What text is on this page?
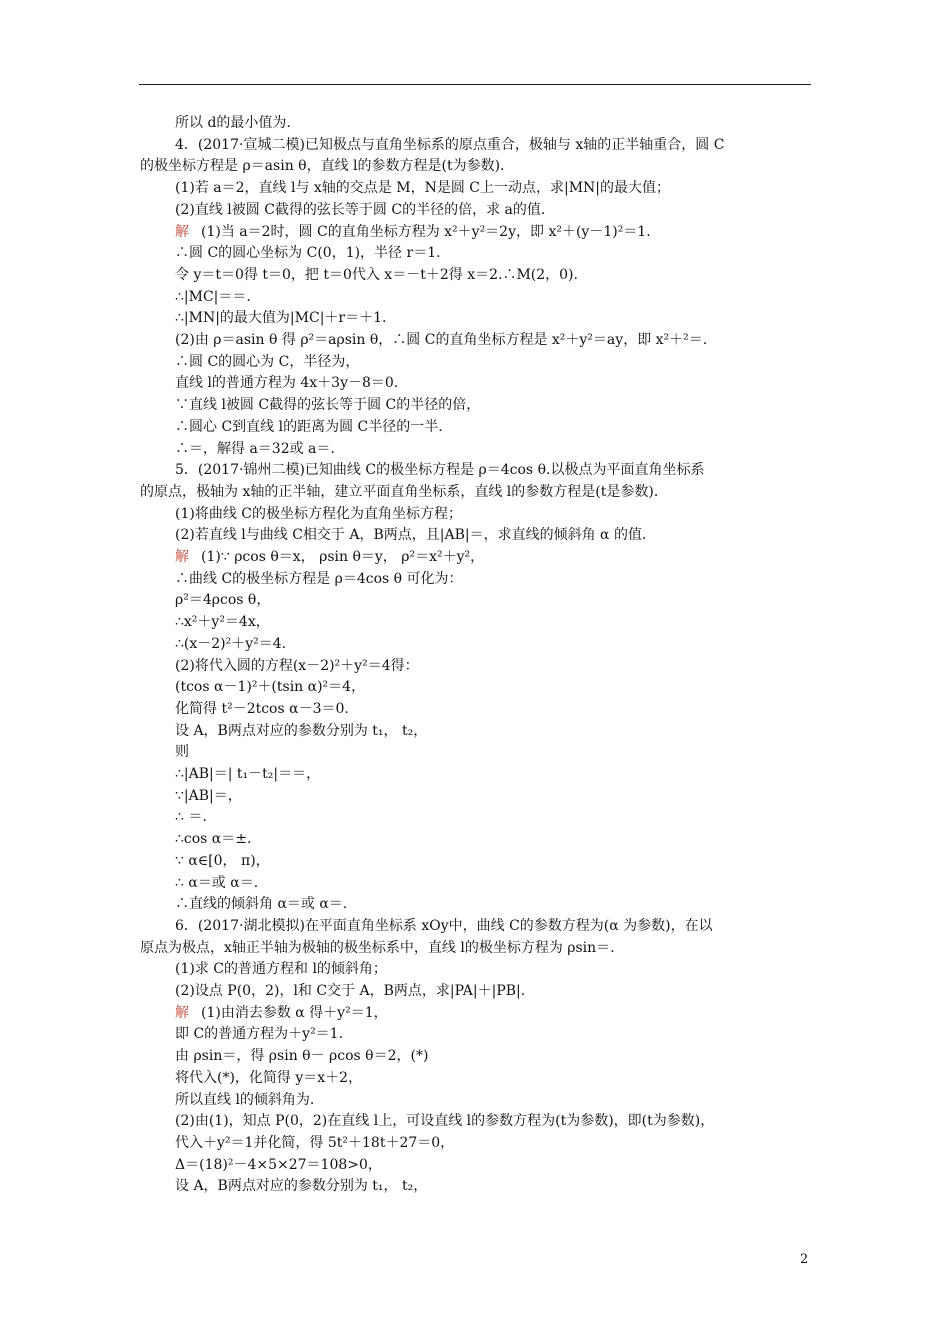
所以 d的最小值为.
4．(2017·宣城二模)已知极点与直角坐标系的原点重合，极轴与 x轴的正半轴重合，圆 C
的极坐标方程是 ρ＝asin θ，直线 l的参数方程是(t为参数)．
(1)若 a＝2，直线 l与 x轴的交点是 M，N是圆 C上一动点，求|MN|的最大值；
(2)直线 l被圆 C截得的弦长等于圆 C的半径的倍，求 a的值．
解 (1)当 a＝2时，圆 C的直角坐标方程为 x²＋y²＝2y，即 x²＋(y－1)²＝1.
∴圆 C的圆心坐标为 C(0，1)，半径 r＝1.
令 y＝t＝0得 t＝0，把 t＝0代入 x＝－t＋2得 x＝2.∴M(2，0).
∴|MC|＝＝.
∴|MN|的最大值为|MC|＋r＝＋1.
(2)由 ρ＝asin θ 得 ρ²＝aρsin θ，∴圆 C的直角坐标方程是 x²＋y²＝ay，即 x²＋²＝.
∴圆 C的圆心为 C，半径为，
直线 l的普通方程为 4x＋3y－8＝0.
∵直线 l被圆 C截得的弦长等于圆 C的半径的倍，
∴圆心 C到直线 l的距离为圆 C半径的一半.
∴＝，解得 a＝32或 a＝.
5．(2017·锦州二模)已知曲线 C的极坐标方程是 ρ＝4cos θ.以极点为平面直角坐标系
的原点，极轴为 x轴的正半轴，建立平面直角坐标系，直线 l的参数方程是(t是参数)．
(1)将曲线 C的极坐标方程化为直角坐标方程；
(2)若直线 l与曲线 C相交于 A，B两点，且|AB|＝，求直线的倾斜角 α 的值．
解 (1)∵ ρcos θ＝x， ρsin θ＝y， ρ²＝x²＋y²，
∴曲线 C的极坐标方程是 ρ＝4cos θ 可化为：
ρ²＝4ρcos θ，
∴x²＋y²＝4x，
∴(x－2)²＋y²＝4.
(2)将代入圆的方程(x－2)²＋y²＝4得：
(tcos α－1)²＋(tsin α)²＝4，
化简得 t²－2tcos α－3＝0.
设 A，B两点对应的参数分别为 t₁， t₂，
则
∴|AB|＝| t₁－t₂|＝＝，
∵|AB|＝，
∴ ＝.
∴cos α＝±.
∵ α∈[0， π)，
∴ α＝或 α＝.
∴直线的倾斜角 α＝或 α＝.
6．(2017·湖北模拟)在平面直角坐标系 xOy中，曲线 C的参数方程为(α 为参数)，在以
原点为极点，x轴正半轴为极轴的极坐标系中，直线 l的极坐标方程为 ρsin＝.
(1)求 C的普通方程和 l的倾斜角；
(2)设点 P(0，2)，l和 C交于 A，B两点，求|PA|＋|PB|.
解 (1)由消去参数 α 得＋y²＝1，
即 C的普通方程为＋y²＝1.
由 ρsin＝，得 ρsin θ－ ρcos θ＝2，(*)
将代入(*)，化简得 y＝x＋2，
所以直线 l的倾斜角为.
(2)由(1)，知点 P(0，2)在直线 l上，可设直线 l的参数方程为(t为参数)，即(t为参数)，
代入＋y²＝1并化简，得 5t²＋18t＋27＝0，
Δ＝(18)²－4×5×27＝108>0，
设 A，B两点对应的参数分别为 t₁， t₂，
2
